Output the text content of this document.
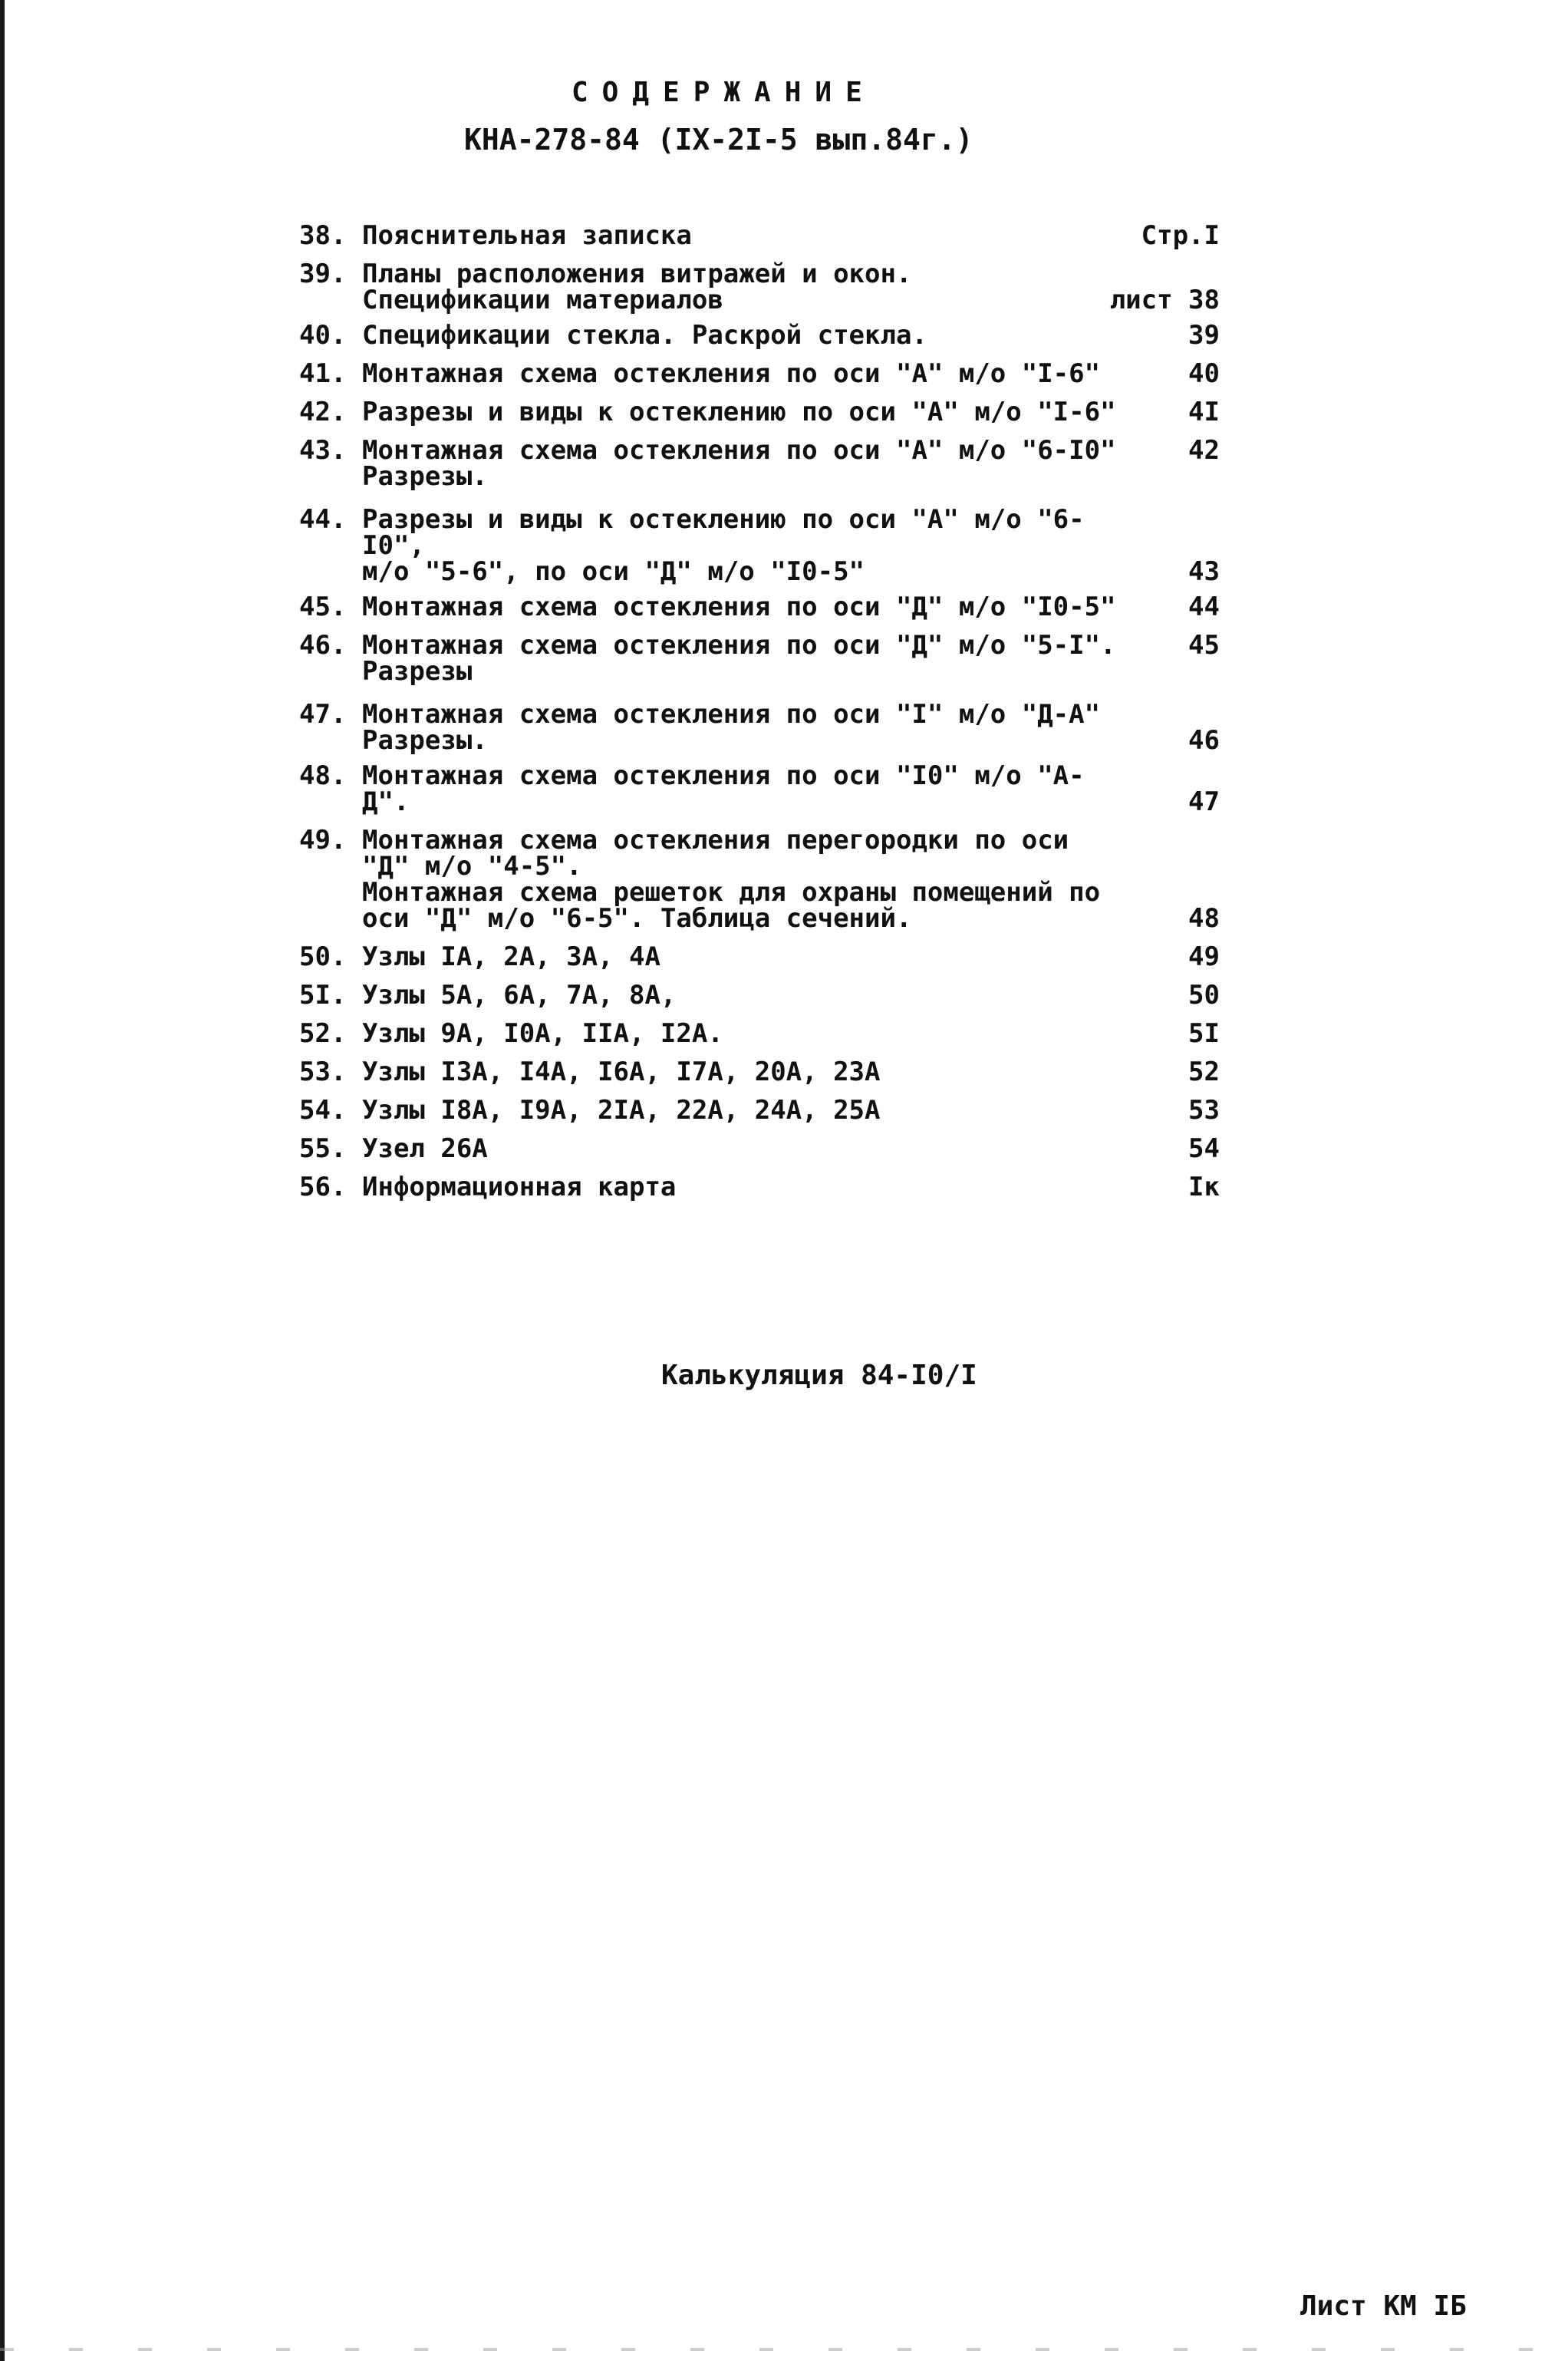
СОДЕРЖАНИЕ
КНА-278-84 (IX-2I-5 вып.84г.)
38. Пояснительная записка	Стр.I
39. Планы расположения витражей и окон.
Спецификации материалов	лист 38
40. Спецификации стекла. Раскрой стекла.	39
41. Монтажная схема остекления по оси "А" м/о "I-6"	40
42. Разрезы и виды к остеклению по оси "А" м/о "I-6"	4I
43. Монтажная схема остекления по оси "А" м/о "6-I0"
Разрезы.
42
44. Разрезы и виды к остеклению по оси "А" м/о "6-I0",
м/о "5-6", по оси "Д" м/о "I0-5"	43
45. Монтажная схема остекления по оси "Д" м/о "I0-5"	44
46. Монтажная схема остекления по оси "Д" м/о "5-I".
Разрезы
45
47. Монтажная схема остекления по оси "I" м/о "Д-А"
Разрезы.	46
48. Монтажная схема остекления по оси "I0" м/о "А-Д".	47
49. Монтажная схема остекления перегородки по оси
"Д" м/о "4-5".
Монтажная схема решеток для охраны помещений по
оси "Д" м/о "6-5". Таблица сечений.	48
50. Узлы IА, 2А, 3А, 4А	49
5I. Узлы 5А, 6А, 7А, 8А,	50
52. Узлы 9А, I0А, IIА, I2А.	5I
53. Узлы I3А, I4А, I6А, I7А, 20А, 23А	52
54. Узлы I8А, I9А, 2IА, 22А, 24А, 25А	53
55. Узел 26А	54
56. Информационная карта	Iк
Калькуляция 84-I0/I
Лист КМ IБ
